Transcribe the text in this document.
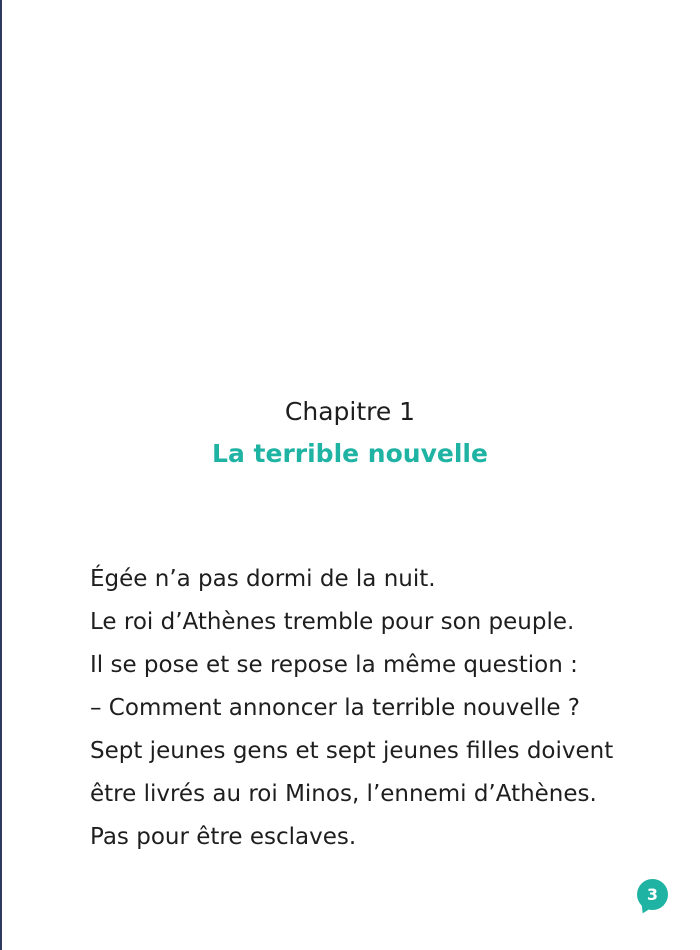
Chapitre 1
La terrible nouvelle
Égée n’a pas dormi de la nuit.
Le roi d’Athènes tremble pour son peuple.
Il se pose et se repose la même question :
– Comment annoncer la terrible nouvelle ?
Sept jeunes gens et sept jeunes filles doivent
être livrés au roi Minos, l’ennemi d’Athènes.
Pas pour être esclaves.
3
